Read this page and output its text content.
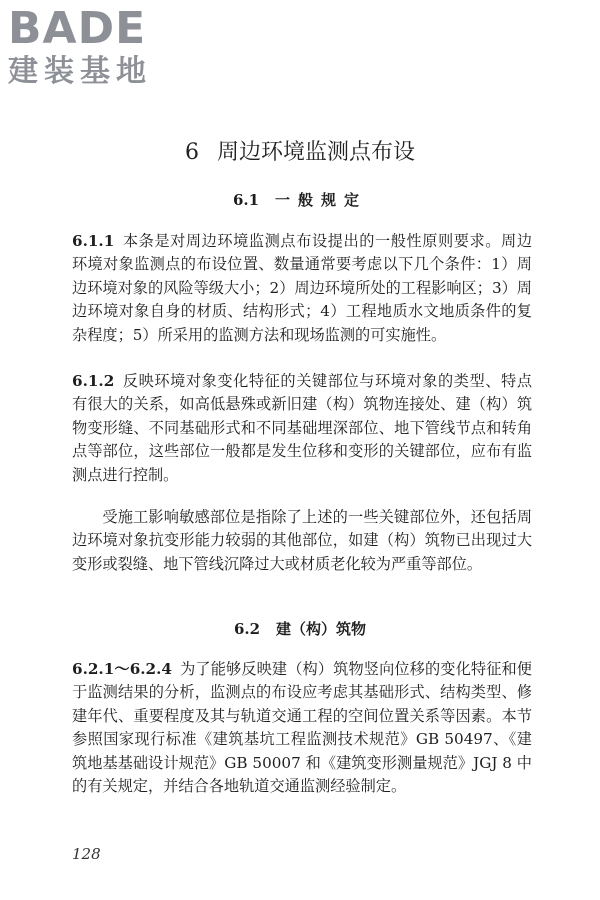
BADE
建装基地
6 周边环境监测点布设
6.1 一般规定

6.1.1 本条是对周边环境监测点布设提出的一般性原则要求。周边环境对象监测点的布设位置、数量通常要考虑以下几个条件：1）周边环境对象的风险等级大小；2）周边环境所处的工程影响区；3）周边环境对象自身的材质、结构形式；4）工程地质水文地质条件的复杂程度；5）所采用的监测方法和现场监测的可实施性。

6.1.2 反映环境对象变化特征的关键部位与环境对象的类型、特点有很大的关系，如高低悬殊或新旧建（构）筑物连接处、建（构）筑物变形缝、不同基础形式和不同基础埋深部位、地下管线节点和转角点等部位，这些部位一般都是发生位移和变形的关键部位，应布有监测点进行控制。

受施工影响敏感部位是指除了上述的一些关键部位外，还包括周边环境对象抗变形能力较弱的其他部位，如建（构）筑物已出现过大变形或裂缝、地下管线沉降过大或材质老化较为严重等部位。

6.2 建（构）筑物

6.2.1～6.2.4 为了能够反映建（构）筑物竖向位移的变化特征和便于监测结果的分析，监测点的布设应考虑其基础形式、结构类型、修建年代、重要程度及其与轨道交通工程的空间位置关系等因素。本节参照国家现行标准《建筑基坑工程监测技术规范》GB 50497、《建筑地基基础设计规范》GB 50007 和《建筑变形测量规范》JGJ 8 中的有关规定，并结合各地轨道交通监测经验制定。

128
